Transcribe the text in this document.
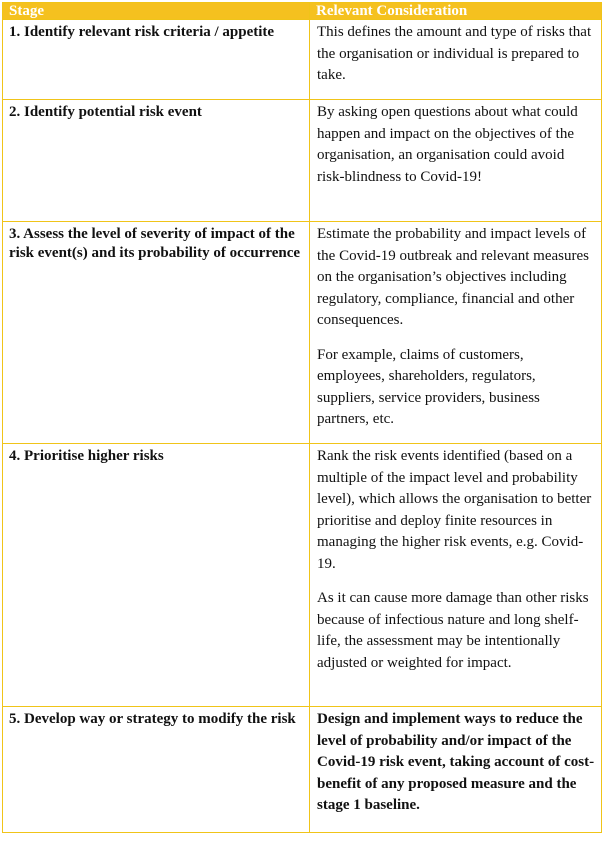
Stage	Relevant Consideration
1. Identify relevant risk criteria / appetite	This defines the amount and type of risks that the organisation or individual is prepared to take.

2. Identify potential risk event	By asking open questions about what could happen and impact on the objectives of the organisation, an organisation could avoid risk-blindness to Covid-19!

3. Assess the level of severity of impact of the risk event(s) and its probability of occurrence	Estimate the probability and impact levels of the Covid-19 outbreak and relevant measures on the organisation’s objectives including regulatory, compliance, financial and other consequences.

For example, claims of customers, employees, shareholders, regulators, suppliers, service providers, business partners, etc.

4. Prioritise higher risks	Rank the risk events identified (based on a multiple of the impact level and probability level), which allows the organisation to better prioritise and deploy finite resources in managing the higher risk events, e.g. Covid-19.

As it can cause more damage than other risks because of infectious nature and long shelf-life, the assessment may be intentionally adjusted or weighted for impact.

5. Develop way or strategy to modify the risk	Design and implement ways to reduce the level of probability and/or impact of the Covid-19 risk event, taking account of cost-benefit of any proposed measure and the stage 1 baseline.
